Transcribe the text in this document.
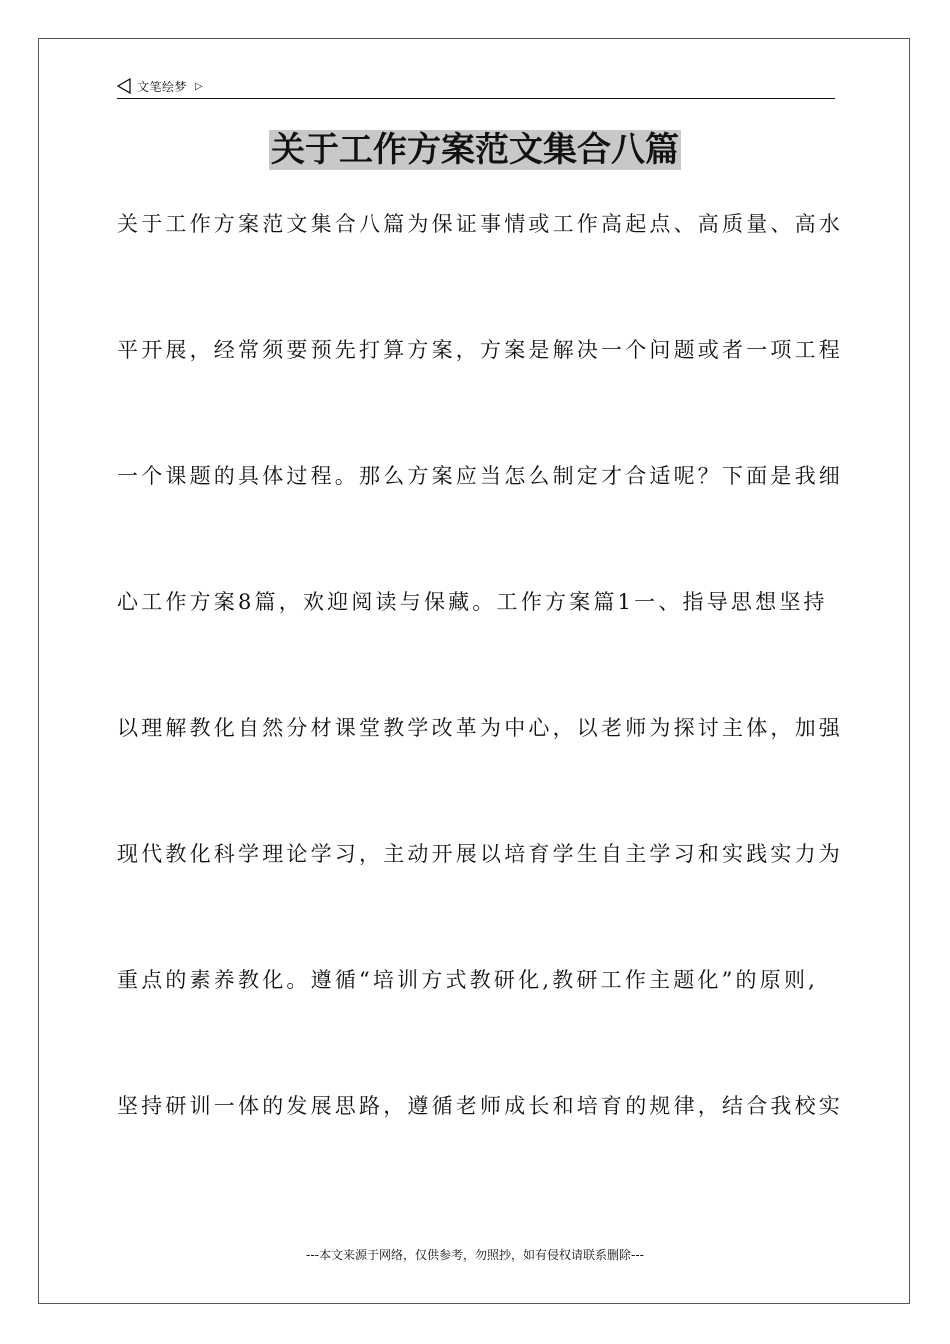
文笔绘梦 ▷
关于工作方案范文集合八篇
关于工作方案范文集合八篇为保证事情或工作高起点、高质量、高水
平开展，经常须要预先打算方案，方案是解决一个问题或者一项工程
一个课题的具体过程。那么方案应当怎么制定才合适呢？下面是我细
心工作方案8篇，欢迎阅读与保藏。工作方案篇1一、指导思想坚持
以理解教化自然分材课堂教学改革为中心，以老师为探讨主体，加强
现代教化科学理论学习，主动开展以培育学生自主学习和实践实力为
重点的素养教化。遵循“培训方式教研化,教研工作主题化”的原则,
坚持研训一体的发展思路，遵循老师成长和培育的规律，结合我校实
---本文来源于网络，仅供参考，勿照抄，如有侵权请联系删除---
